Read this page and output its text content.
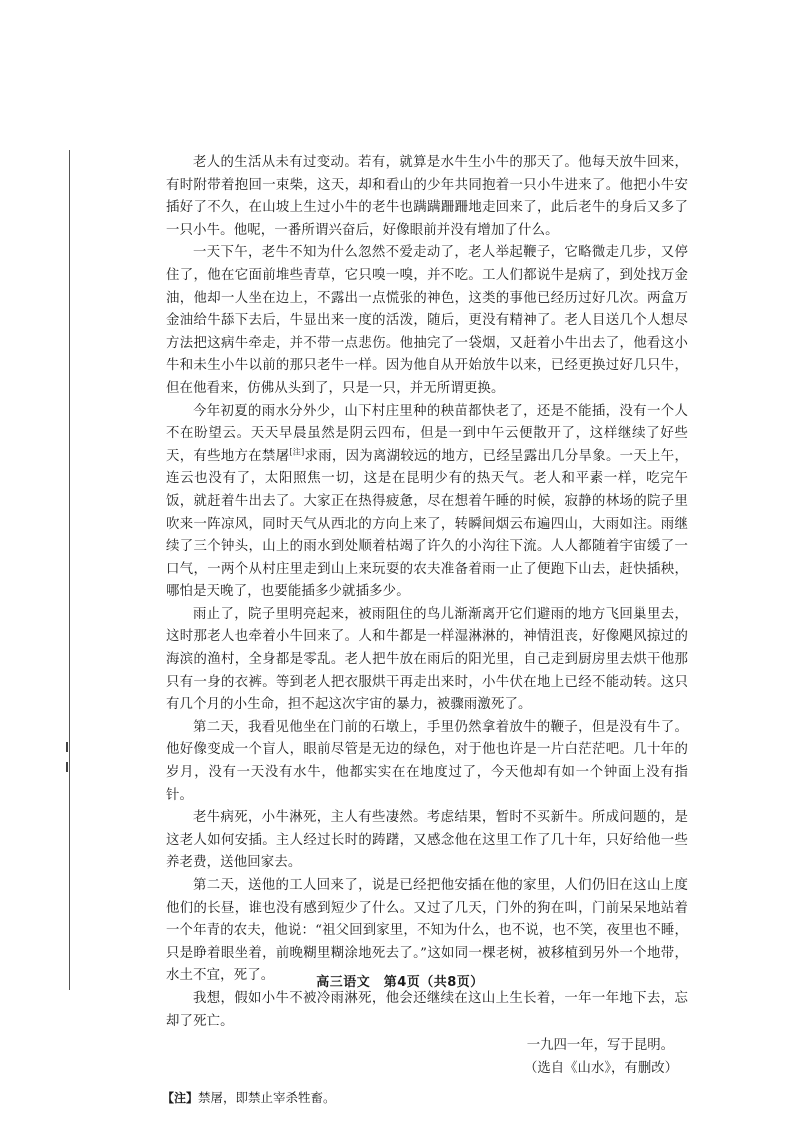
老人的生活从未有过变动。若有，就算是水牛生小牛的那天了。他每天放牛回来，有时附带着抱回一束柴，这天，却和看山的少年共同抱着一只小牛进来了。他把小牛安插好了不久，在山坡上生过小牛的老牛也蹒蹒跚跚地走回来了，此后老牛的身后又多了一只小牛。他呢，一番所谓兴奋后，好像眼前并没有增加了什么。

一天下午，老牛不知为什么忽然不爱走动了，老人举起鞭子，它略微走几步，又停住了，他在它面前堆些青草，它只嗅一嗅，并不吃。工人们都说牛是病了，到处找万金油，他却一人坐在边上，不露出一点慌张的神色，这类的事他已经历过好几次。两盒万金油给牛舔下去后，牛显出来一度的活泼，随后，更没有精神了。老人目送几个人想尽方法把这病牛牵走，并不带一点悲伤。他抽完了一袋烟，又赶着小牛出去了，他看这小牛和未生小牛以前的那只老牛一样。因为他自从开始放牛以来，已经更换过好几只牛，但在他看来，仿佛从头到了，只是一只，并无所谓更换。

今年初夏的雨水分外少，山下村庄里种的秧苗都快老了，还是不能插，没有一个人不在盼望云。天天早晨虽然是阴云四布，但是一到中午云便散开了，这样继续了好些天，有些地方在禁屠[注]求雨，因为离湖较远的地方，已经呈露出几分旱象。一天上午，连云也没有了，太阳照焦一切，这是在昆明少有的热天气。老人和平素一样，吃完午饭，就赶着牛出去了。大家正在热得疲惫，尽在想着午睡的时候，寂静的林场的院子里吹来一阵凉风，同时天气从西北的方向上来了，转瞬间烟云布遍四山，大雨如注。雨继续了三个钟头，山上的雨水到处顺着枯竭了许久的小沟往下流。人人都随着宇宙缓了一口气，一两个从村庄里走到山上来玩耍的农夫准备着雨一止了便跑下山去，赶快插秧，哪怕是天晚了，也要能插多少就插多少。

雨止了，院子里明亮起来，被雨阻住的鸟儿渐渐离开它们避雨的地方飞回巢里去，这时那老人也牵着小牛回来了。人和牛都是一样湿淋淋的，神情沮丧，好像飓风掠过的海滨的渔村，全身都是零乱。老人把牛放在雨后的阳光里，自己走到厨房里去烘干他那只有一身的衣裤。等到老人把衣服烘干再走出来时，小牛伏在地上已经不能动转。这只有几个月的小生命，担不起这次宇宙的暴力，被骤雨激死了。

第二天，我看见他坐在门前的石墩上，手里仍然拿着放牛的鞭子，但是没有牛了。他好像变成一个盲人，眼前尽管是无边的绿色，对于他也许是一片白茫茫吧。几十年的岁月，没有一天没有水牛，他都实实在在地度过了，今天他却有如一个钟面上没有指针。

老牛病死，小牛淋死，主人有些凄然。考虑结果，暂时不买新牛。所成问题的，是这老人如何安插。主人经过长时的踌躇，又感念他在这里工作了几十年，只好给他一些养老费，送他回家去。

第二天，送他的工人回来了，说是已经把他安插在他的家里，人们仍旧在这山上度他们的长昼，谁也没有感到短少了什么。又过了几天，门外的狗在叫，门前呆呆地站着一个年青的农夫，他说：“祖父回到家里，不知为什么，也不说，也不笑，夜里也不睡，只是睁着眼坐着，前晚糊里糊涂地死去了。”这如同一棵老树，被移植到另外一个地带，水土不宜，死了。

我想，假如小牛不被冷雨淋死，他会还继续在这山上生长着，一年一年地下去，忘却了死亡。

一九四一年，写于昆明。
（选自《山水》，有删改）
【注】禁屠，即禁止宰杀牲畜。
高三语文　第4页（共8页）
